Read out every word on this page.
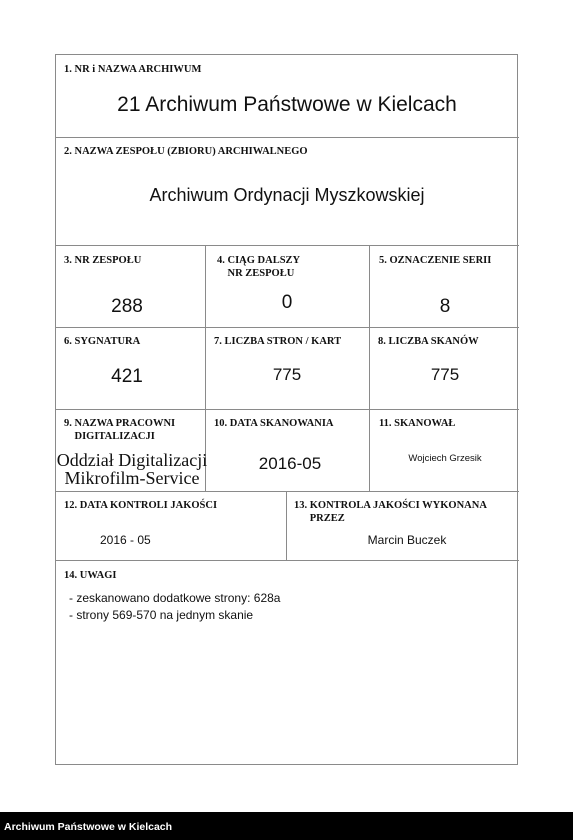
1. NR i NAZWA ARCHIWUM
21 Archiwum Państwowe w Kielcach
2. NAZWA ZESPOŁU (ZBIORU) ARCHIWALNEGO
Archiwum Ordynacji Myszkowskiej
3. NR ZESPOŁU
288
4. CIĄG DALSZY
NR ZESPOŁU
0
5. OZNACZENIE SERII
8
6. SYGNATURA
421
7. LICZBA STRON / KART
775
8. LICZBA SKANÓW
775
9. NAZWA PRACOWNI
DIGITALIZACJI
Oddział Digitalizacji
Mikrofilm-Service
10. DATA SKANOWANIA
2016-05
11. SKANOWAŁ
Wojciech Grzesik
12. DATA KONTROLI JAKOŚCI
2016 - 05
13. KONTROLA JAKOŚCI WYKONANA
PRZEZ
Marcin Buczek
14. UWAGI
- zeskanowano dodatkowe strony: 628a
- strony 569-570 na jednym skanie
Archiwum Państwowe w Kielcach
